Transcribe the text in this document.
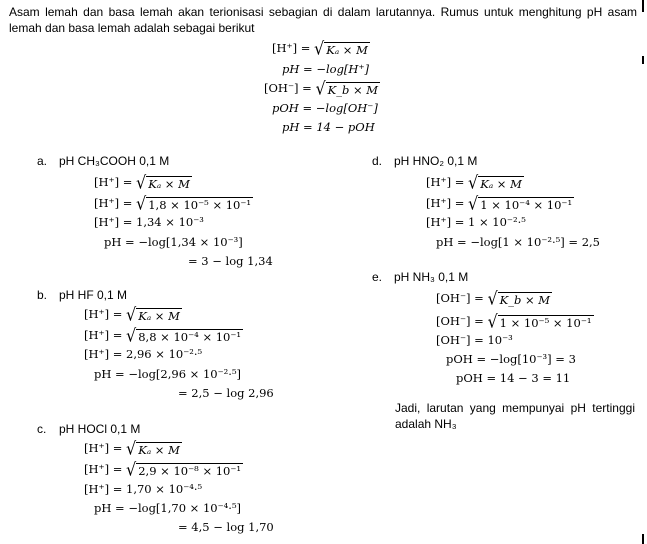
Asam lemah dan basa lemah akan terionisasi sebagian di dalam larutannya. Rumus untuk menghitung pH asam lemah dan basa lemah adalah sebagai berikut
[H⁺] = √ Kₐ × M
pH = −log[H⁺]
[OH⁻] = √ K_b × M
pOH = −log[OH⁻]
pH = 14 − pOH
a. pH CH₃COOH 0,1 M
[H⁺] = √ Kₐ × M
[H⁺] = √ 1,8 × 10⁻⁵ × 10⁻¹
[H⁺] = 1,34 × 10⁻³
pH = −log[1,34 × 10⁻³]
= 3 − log 1,34
b. pH HF 0,1 M
[H⁺] = √ Kₐ × M
[H⁺] = √ 8,8 × 10⁻⁴ × 10⁻¹
[H⁺] = 2,96 × 10⁻²·⁵
pH = −log[2,96 × 10⁻²·⁵]
= 2,5 − log 2,96
c. pH HOCl 0,1 M
[H⁺] = √ Kₐ × M
[H⁺] = √ 2,9 × 10⁻⁸ × 10⁻¹
[H⁺] = 1,70 × 10⁻⁴·⁵
pH = −log[1,70 × 10⁻⁴·⁵]
= 4,5 − log 1,70
d. pH HNO₂ 0,1 M
[H⁺] = √ Kₐ × M
[H⁺] = √ 1 × 10⁻⁴ × 10⁻¹
[H⁺] = 1 × 10⁻²·⁵
pH = −log[1 × 10⁻²·⁵] = 2,5
e. pH NH₃ 0,1 M
[OH⁻] = √ K_b × M
[OH⁻] = √ 1 × 10⁻⁵ × 10⁻¹
[OH⁻] = 10⁻³
pOH = −log[10⁻³] = 3
pOH = 14 − 3 = 11
Jadi, larutan yang mempunyai pH tertinggi adalah NH₃
